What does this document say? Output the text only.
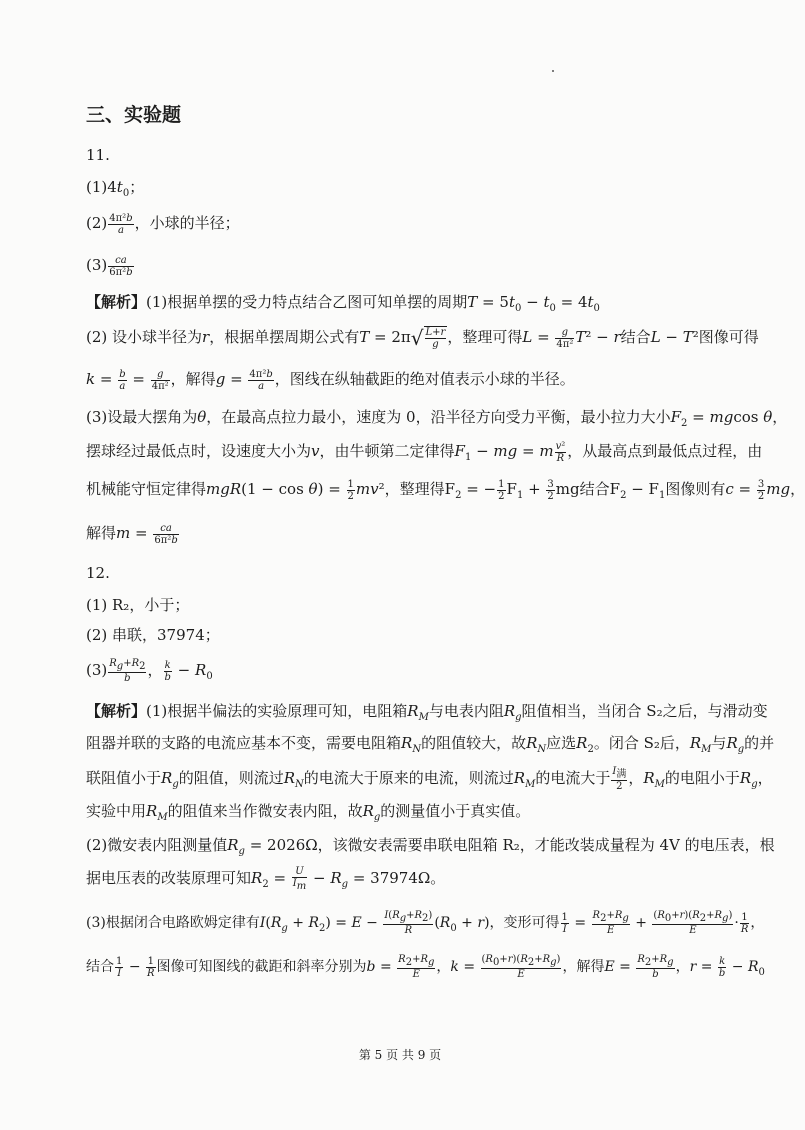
三、实验题
11.
$(1)4t_0$；
$(2) \frac{\text{4π²b}}{a}$ ，小球的半径；
$(3) \frac{ca}{\text{6π²b}}$
【解析】(1)根据单摆的受力特点结合乙图可知单摆的周期$T = 5t_0 - t_0 = 4t_0$
(2) 设小球半径为r，根据单摆周期公式有$T = 2\pi√ \frac{L+r}{g}$ ，整理可得$L = \frac{g}{\text{4π²}} T^2 - r$结合L − T²图像可得
$k = \frac{b}{a} = \frac{g}{\text{4π²}}$ ，解得$g = \frac{\text{4π²b}}{a}$ ，图线在纵轴截距的绝对值表示小球的半径。
(3)设最大摆角为θ，在最高点拉力最小，速度为 0，沿半径方向受力平衡，最小拉力大小$F_2 = mgcos$ θ，
摆球经过最低点时，设速度大小为v，由牛顿第二定律得$F_1$ − mg = m $\frac{\text{v²}}{R}$ ，从最高点到最低点过程，由
机械能守恒定律得$mgR(1 - \cos \theta) = \frac{1}{2} mv^2$，整理得$F_2$ = − $\frac{1}{2} F_1 + \frac{3}{2}$ mg结合$F_2 - F_1$图像则有$c = \frac{3}{2}$ mg，
解得$m = \frac{ca}{\text{6π²b}}$
12.
(1) R₂，小于；
(2) 串联，37974；
$(3) \frac{R_g+R_2}{b}$ ， $\frac{k}{b} - R_0$
【解析】(1)根据半偏法的实验原理可知，电阻箱$R_M$与电表内阻$R_g$阻值相当，当闭合 S₂之后，与滑动变
阻器并联的支路的电流应基本不变，需要电阻箱$R_N$的阻值较大，故$R_N$应选$R_2$。闭合 S₂后，$R_M$与$R_g$的并
联阻值小于$R_g$的阻值，则流过$R_N$的电流大于原来的电流，则流过$R_M$的电流大于 $\frac{I_满}{2}$ ，$R_M$的电阻小于$R_g$，
实验中用$R_M$的阻值来当作微安表内阻，故$R_g$的测量值小于真实值。
(2)微安表内阻测量值$R_g = 2026\Omega$，该微安表需要串联电阻箱 R₂，才能改装成量程为 4V 的电压表，根
据电压表的改装原理可知$R_2 = \frac{U}{I_m} - R_g = 37974\Omega$。
(3)根据闭合电路欧姆定律有$I(R_g + R_2) = E - \frac{I(R_g+R_2)}{R} (R_0 + r)$，变形可得 $\frac{1}{I} = \frac{R_2+R_g}{E} + \frac{(R_0+r)(R_2+R_g)}{E} \cdot \frac{1}{R}$ ，
结合 $\frac{1}{I} - \frac{1}{R}$ 图像可知图线的截距和斜率分别为$b = \frac{R_2+R_g}{E}$ ，$k = \frac{(R_0+r)(R_2+R_g)}{E}$ ，解得$E = \frac{R_2+R_g}{b}$ ，$r = \frac{k}{b} - R_0$
第 5 页 共 9 页
